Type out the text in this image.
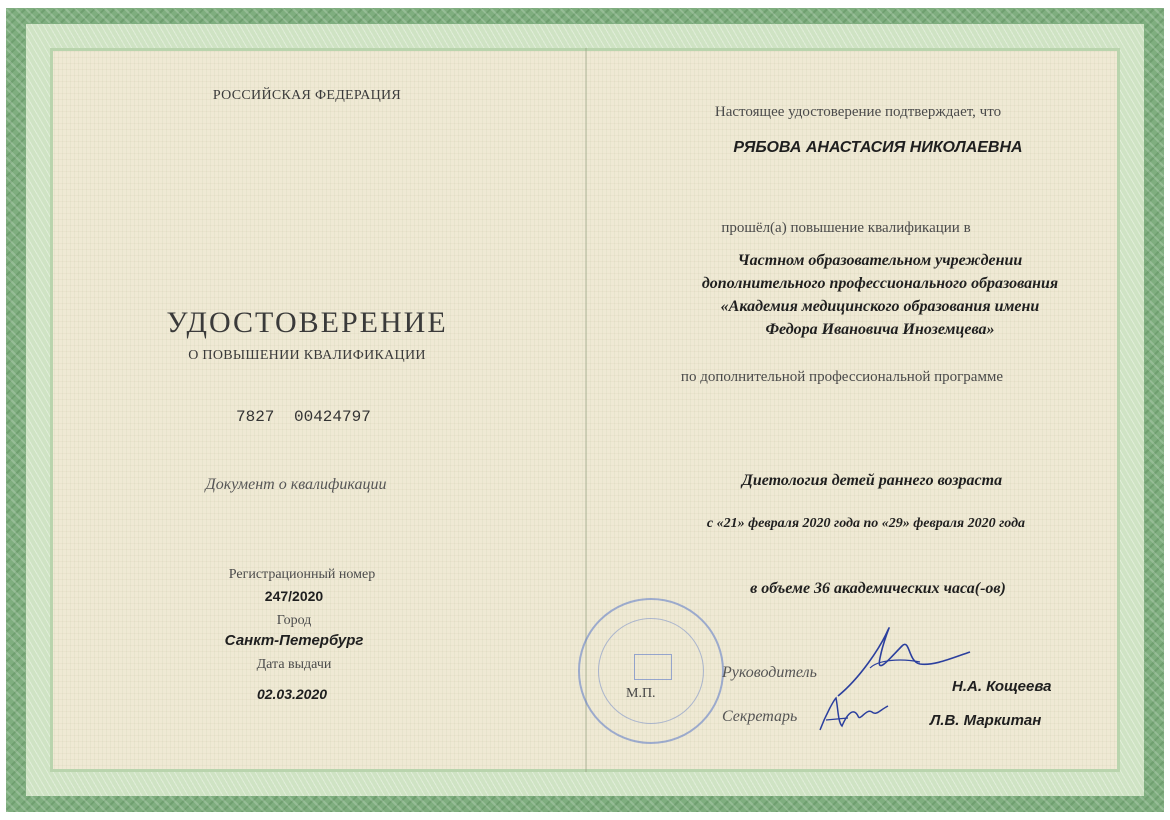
РОССИЙСКАЯ ФЕДЕРАЦИЯ
УДОСТОВЕРЕНИЕ
О ПОВЫШЕНИИ КВАЛИФИКАЦИИ
7827 00424797
Документ о квалификации
Регистрационный номер
247/2020
Город
Санкт-Петербург
Дата выдачи
02.03.2020
Настоящее удостоверение подтверждает, что
РЯБОВА АНАСТАСИЯ НИКОЛАЕВНА
прошёл(а) повышение квалификации в
Частном образовательном учреждении
дополнительного профессионального образования
«Академия медицинского образования имени
Федора Ивановича Иноземцева»
по дополнительной профессиональной программе
Диетология детей раннего возраста
с «21» февраля 2020 года по «29» февраля 2020 года
в объеме 36 академических часа(-ов)
М.П.
Руководитель
Н.А. Кощеева
Секретарь	Л.В. Маркитан
